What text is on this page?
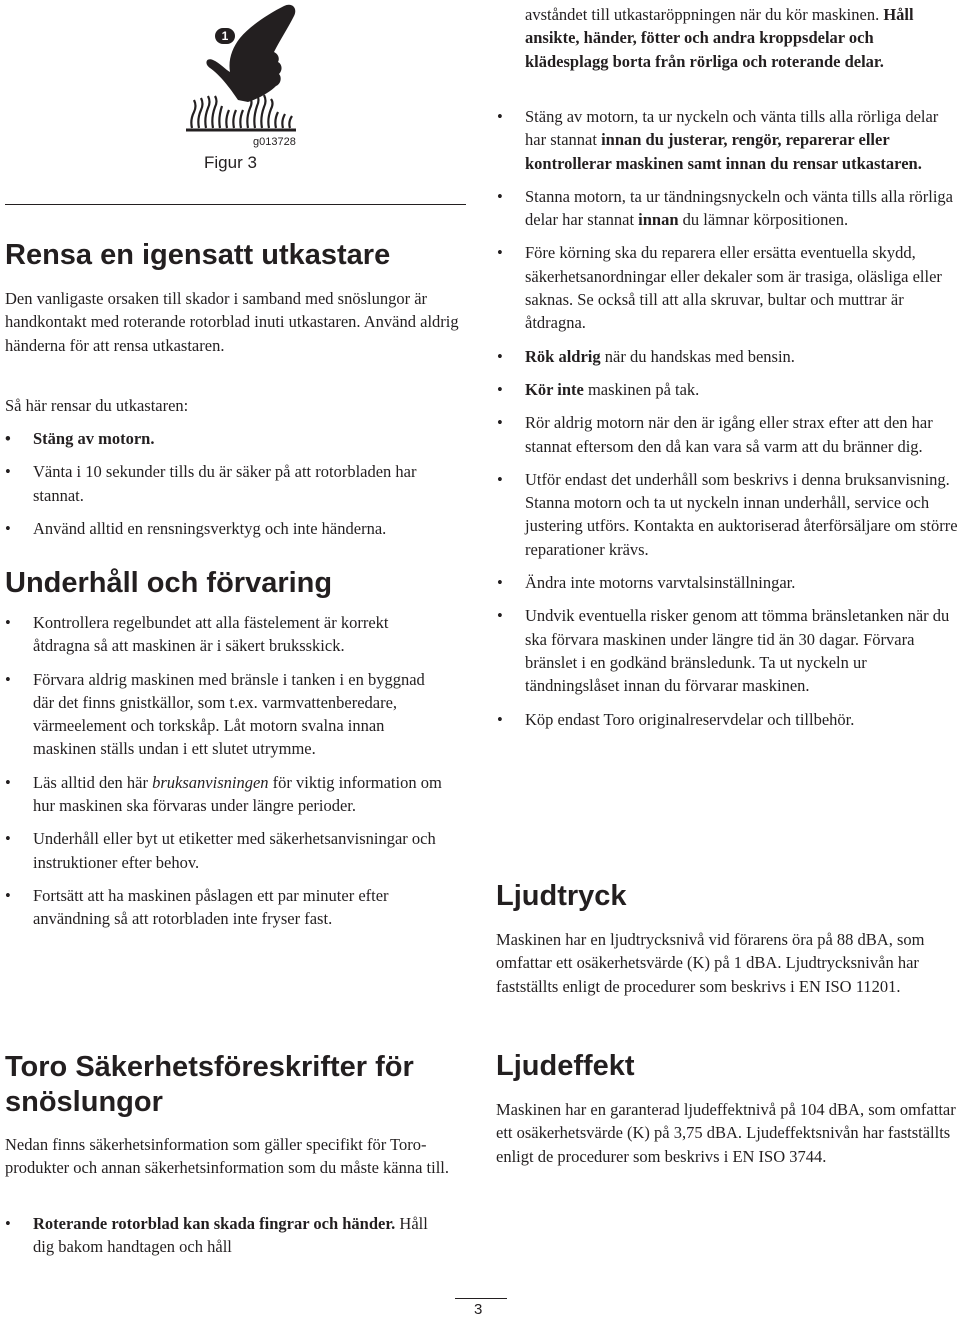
1
g013728
Figur 3
Rensa en igensatt utkastare

Den vanligaste orsaken till skador i samband med snöslungor är handkontakt med roterande rotorblad inuti utkastaren. Använd aldrig händerna för att rensa utkastaren.

Så här rensar du utkastaren:

• Stäng av motorn.
• Vänta i 10 sekunder tills du är säker på att rotorbladen har stannat.
• Använd alltid en rensningsverktyg och inte händerna.
Underhåll och förvaring
• Kontrollera regelbundet att alla fästelement är korrekt åtdragna så att maskinen är i säkert bruksskick.
• Förvara aldrig maskinen med bränsle i tanken i en byggnad där det finns gnistkällor, som t.ex. varmvattenberedare, värmeelement och torkskåp. Låt motorn svalna innan maskinen ställs undan i ett slutet utrymme.
• Läs alltid den här bruksanvisningen för viktig information om hur maskinen ska förvaras under längre perioder.
• Underhåll eller byt ut etiketter med säkerhetsanvisningar och instruktioner efter behov.
• Fortsätt att ha maskinen påslagen ett par minuter efter användning så att rotorbladen inte fryser fast.
Toro Säkerhetsföreskrifter för snöslungor

Nedan finns säkerhetsinformation som gäller specifikt för Toro-produkter och annan säkerhetsinformation som du måste känna till.

• Roterande rotorblad kan skada fingrar och händer. Håll dig bakom handtagen och håll

avståndet till utkastaröppningen när du kör maskinen. Håll ansikte, händer, fötter och andra kroppsdelar och klädesplagg borta från rörliga och roterande delar.

• Stäng av motorn, ta ur nyckeln och vänta tills alla rörliga delar har stannat innan du justerar, rengör, reparerar eller kontrollerar maskinen samt innan du rensar utkastaren.
• Stanna motorn, ta ur tändningsnyckeln och vänta tills alla rörliga delar har stannat innan du lämnar körpositionen.
• Före körning ska du reparera eller ersätta eventuella skydd, säkerhetsanordningar eller dekaler som är trasiga, oläsliga eller saknas. Se också till att alla skruvar, bultar och muttrar är åtdragna.
• Rök aldrig när du handskas med bensin.
• Kör inte maskinen på tak.
• Rör aldrig motorn när den är igång eller strax efter att den har stannat eftersom den då kan vara så varm att du bränner dig.
• Utför endast det underhåll som beskrivs i denna bruksanvisning. Stanna motorn och ta ut nyckeln innan underhåll, service och justering utförs. Kontakta en auktoriserad återförsäljare om större reparationer krävs.
• Ändra inte motorns varvtalsinställningar.
• Undvik eventuella risker genom att tömma bränsletanken när du ska förvara maskinen under längre tid än 30 dagar. Förvara bränslet i en godkänd bränsledunk. Ta ut nyckeln ur tändningslåset innan du förvarar maskinen.
• Köp endast Toro originalreservdelar och tillbehör.
Ljudtryck

Maskinen har en ljudtrycksnivå vid förarens öra på 88 dBA, som omfattar ett osäkerhetsvärde (K) på 1 dBA. Ljudtrycksnivån har fastställts enligt de procedurer som beskrivs i EN ISO 11201.

Ljudeffekt

Maskinen har en garanterad ljudeffektnivå på 104 dBA, som omfattar ett osäkerhetsvärde (K) på 3,75 dBA. Ljudeffektsnivån har fastställts enligt de procedurer som beskrivs i EN ISO 3744.

3
